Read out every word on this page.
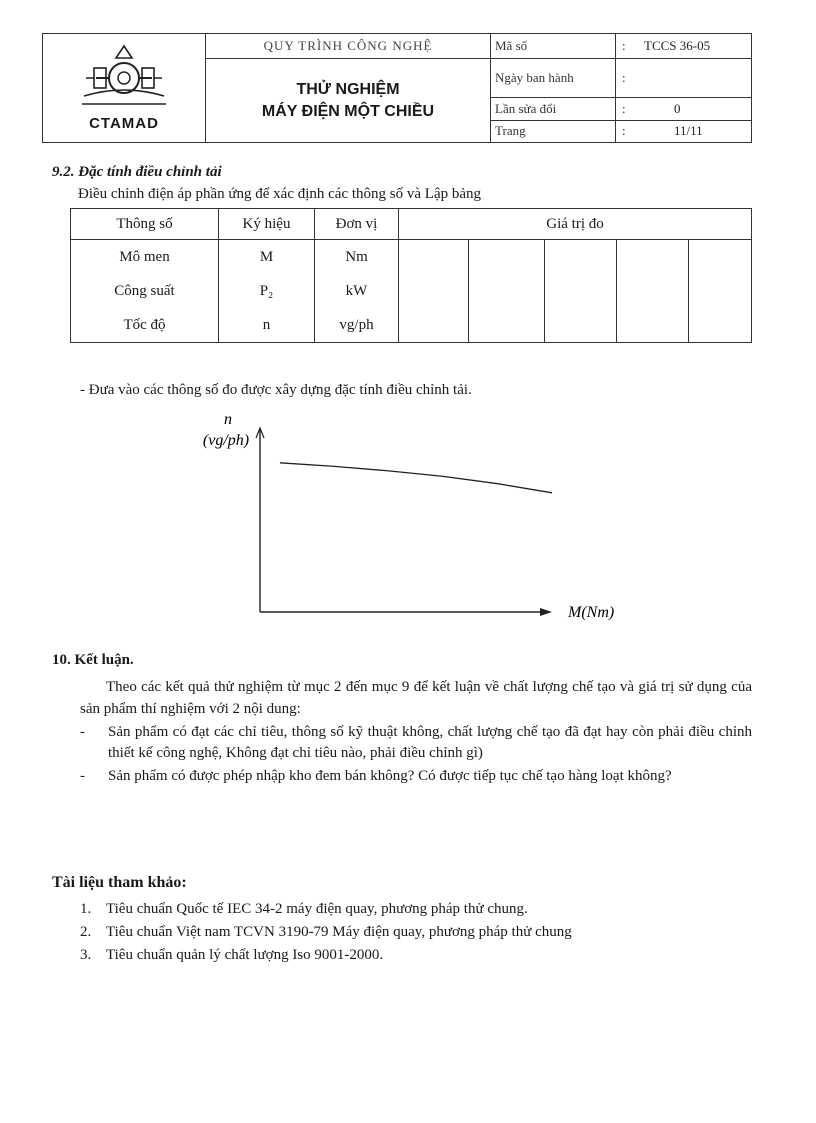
CTAMAD	QUY TRÌNH CÔNG NGHỆ	Mã số	: TCCS 36-05

	THỬ NGHIỆM
MÁY ĐIỆN MỘT CHIỀU	Ngày ban hành	:
		Lần sửa đổi	: 0
		Trang	: 11/11
9.2. Đặc tính điều chỉnh tải
Điều chỉnh điện áp phần ứng để xác định các thông số và Lập bảng
Thông số	Ký hiệu	Đơn vị	Giá trị đo				
Mô men	M	Nm					
Công suất	P₂	kW					
Tốc độ	n	vg/ph					
- Đưa vào các thông số đo được xây dựng đặc tính điều chỉnh tải.
n
(vg/ph)
M(Nm)
10. Kết luận.
Theo các kết quả thử nghiệm từ mục 2 đến mục 9 để kết luận về chất lượng chế tạo và giá trị sử dụng của sản phẩm thí nghiệm với 2 nội dung:
- Sản phẩm có đạt các chỉ tiêu, thông số kỹ thuật không, chất lượng chế tạo đã đạt hay còn phải điều chỉnh thiết kế công nghệ, Không đạt chỉ tiêu nào, phải điều chỉnh gì)
- Sản phẩm có được phép nhập kho đem bán không? Có được tiếp tục chế tạo hàng loạt không?
Tài liệu tham khảo:
1. Tiêu chuẩn Quốc tế IEC 34-2 máy điện quay, phương pháp thử chung.
2. Tiêu chuẩn Việt nam TCVN 3190-79 Máy điện quay, phương pháp thử chung
3. Tiêu chuẩn quản lý chất lượng Iso 9001-2000.
